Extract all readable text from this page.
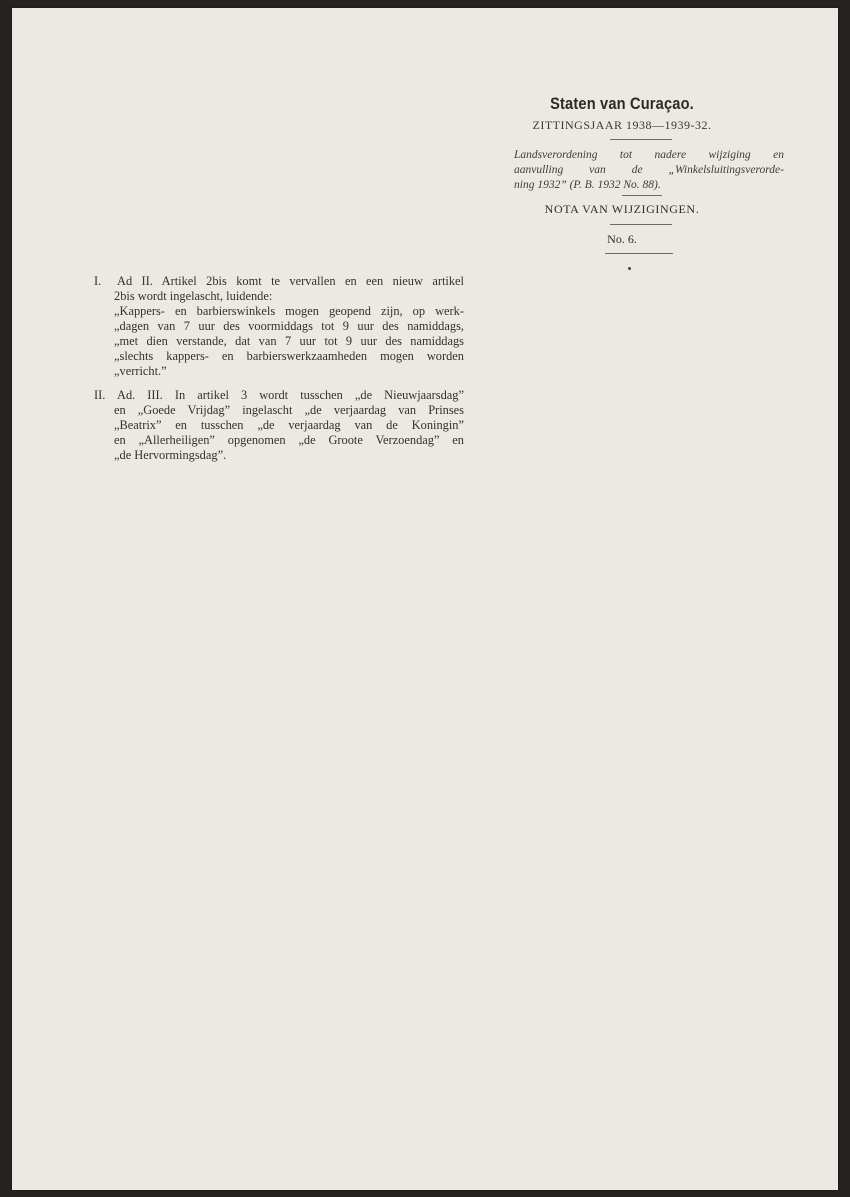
Staten van Curaçao.
ZITTINGSJAAR 1938—1939-32.
Landsverordening tot nadere wijziging en
aanvulling van de „Winkelsluitingsverorde-
ning 1932” (P. B. 1932 No. 88).
NOTA VAN WIJZIGINGEN.
No. 6.
I. Ad II. Artikel 2bis komt te vervallen en een nieuw artikel
2bis wordt ingelascht, luidende:
„Kappers- en barbierswinkels mogen geopend zijn, op werk-
„dagen van 7 uur des voormiddags tot 9 uur des namiddags,
„met dien verstande, dat van 7 uur tot 9 uur des namiddags
„slechts kappers- en barbierswerkzaamheden mogen worden
„verricht.”
II. Ad. III. In artikel 3 wordt tusschen „de Nieuwjaarsdag”
en „Goede Vrijdag” ingelascht „de verjaardag van Prinses
„Beatrix” en tusschen „de verjaardag van de Koningin”
en „Allerheiligen” opgenomen „de Groote Verzoendag” en
„de Hervormingsdag”.
